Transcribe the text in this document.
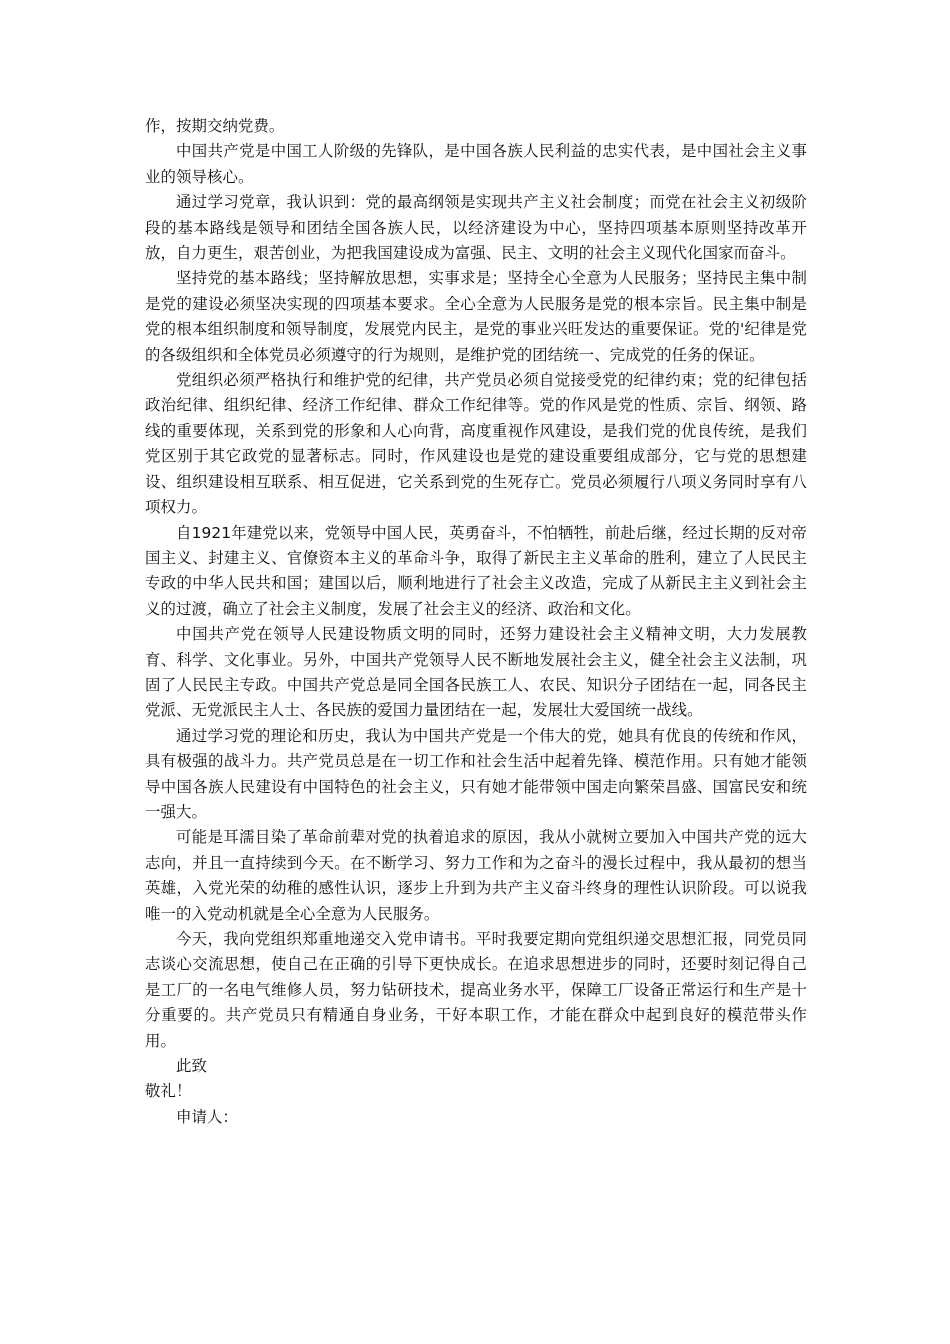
作，按期交纳党费。

中国共产党是中国工人阶级的先锋队，是中国各族人民利益的忠实代表，是中国社会主义事业的领导核心。

通过学习党章，我认识到：党的最高纲领是实现共产主义社会制度；而党在社会主义初级阶段的基本路线是领导和团结全国各族人民，以经济建设为中心，坚持四项基本原则坚持改革开放，自力更生，艰苦创业，为把我国建设成为富强、民主、文明的社会主义现代化国家而奋斗。

坚持党的基本路线；坚持解放思想，实事求是；坚持全心全意为人民服务；坚持民主集中制是党的建设必须坚决实现的四项基本要求。全心全意为人民服务是党的根本宗旨。民主集中制是党的根本组织制度和领导制度，发展党内民主，是党的事业兴旺发达的重要保证。党的'纪律是党的各级组织和全体党员必须遵守的行为规则，是维护党的团结统一、完成党的任务的保证。

党组织必须严格执行和维护党的纪律，共产党员必须自觉接受党的纪律约束；党的纪律包括政治纪律、组织纪律、经济工作纪律、群众工作纪律等。党的作风是党的性质、宗旨、纲领、路线的重要体现，关系到党的形象和人心向背，高度重视作风建设，是我们党的优良传统，是我们党区别于其它政党的显著标志。同时，作风建设也是党的建设重要组成部分，它与党的思想建设、组织建设相互联系、相互促进，它关系到党的生死存亡。党员必须履行八项义务同时享有八项权力。

自1921年建党以来，党领导中国人民，英勇奋斗，不怕牺牲，前赴后继，经过长期的反对帝国主义、封建主义、官僚资本主义的革命斗争，取得了新民主主义革命的胜利，建立了人民民主专政的中华人民共和国；建国以后，顺利地进行了社会主义改造，完成了从新民主主义到社会主义的过渡，确立了社会主义制度，发展了社会主义的经济、政治和文化。

中国共产党在领导人民建设物质文明的同时，还努力建设社会主义精神文明，大力发展教育、科学、文化事业。另外，中国共产党领导人民不断地发展社会主义，健全社会主义法制，巩固了人民民主专政。中国共产党总是同全国各民族工人、农民、知识分子团结在一起，同各民主党派、无党派民主人士、各民族的爱国力量团结在一起，发展壮大爱国统一战线。

通过学习党的理论和历史，我认为中国共产党是一个伟大的党，她具有优良的传统和作风，具有极强的战斗力。共产党员总是在一切工作和社会生活中起着先锋、模范作用。只有她才能领导中国各族人民建设有中国特色的社会主义，只有她才能带领中国走向繁荣昌盛、国富民安和统一强大。

可能是耳濡目染了革命前辈对党的执着追求的原因，我从小就树立要加入中国共产党的远大志向，并且一直持续到今天。在不断学习、努力工作和为之奋斗的漫长过程中，我从最初的想当英雄，入党光荣的幼稚的感性认识，逐步上升到为共产主义奋斗终身的理性认识阶段。可以说我唯一的入党动机就是全心全意为人民服务。

今天，我向党组织郑重地递交入党申请书。平时我要定期向党组织递交思想汇报，同党员同志谈心交流思想，使自己在正确的引导下更快成长。在追求思想进步的同时，还要时刻记得自己是工厂的一名电气维修人员，努力钻研技术，提高业务水平，保障工厂设备正常运行和生产是十分重要的。共产党员只有精通自身业务，干好本职工作，才能在群众中起到良好的模范带头作用。

此致

敬礼！

申请人：
